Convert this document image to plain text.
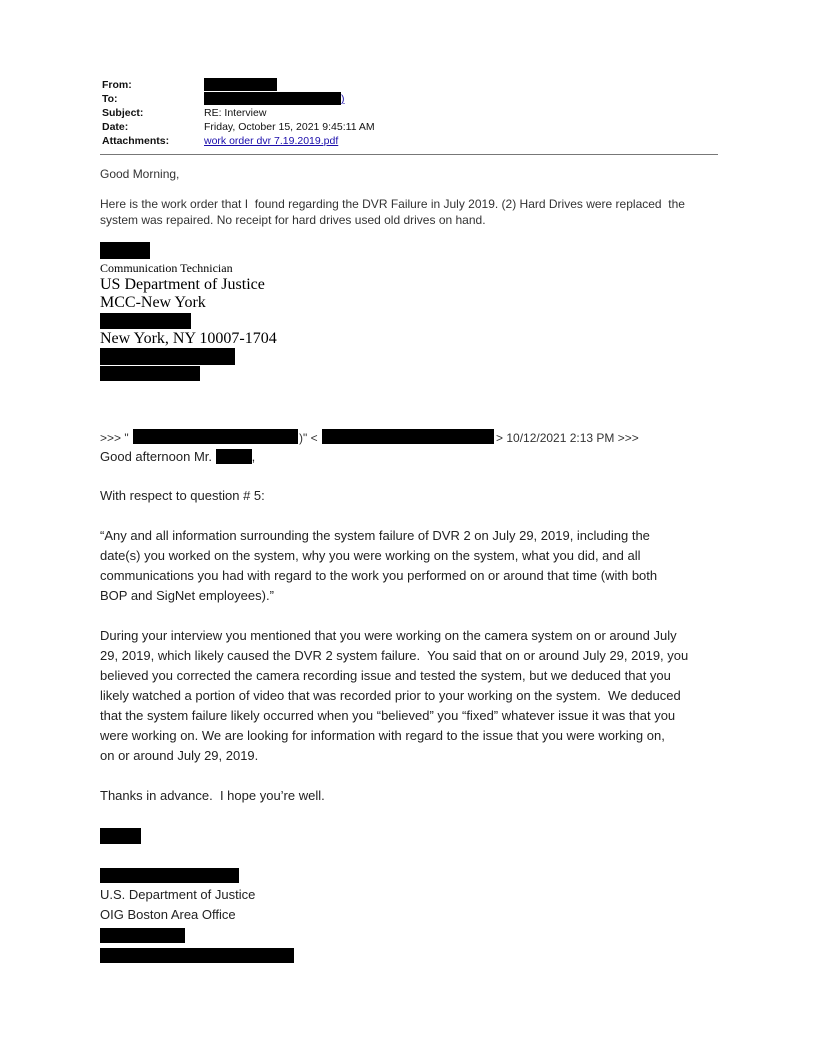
From:
To:	)
Subject:	RE: Interview
Date:	Friday, October 15, 2021 9:45:11 AM
Attachments:	work order dvr 7.19.2019.pdf
Good Morning,
Here is the work order that I  found regarding the DVR Failure in July 2019. (2) Hard Drives were replaced  the
system was repaired. No receipt for hard drives used old drives on hand.
Communication Technician
US Department of Justice
MCC-New York
New York, NY 10007-1704
>>> "	)" <	> 10/12/2021 2:13 PM >>>
Good afternoon Mr.	,
With respect to question # 5:
“Any and all information surrounding the system failure of DVR 2 on July 29, 2019, including the
date(s) you worked on the system, why you were working on the system, what you did, and all
communications you had with regard to the work you performed on or around that time (with both
BOP and SigNet employees).”
During your interview you mentioned that you were working on the camera system on or around July
29, 2019, which likely caused the DVR 2 system failure.  You said that on or around July 29, 2019, you
believed you corrected the camera recording issue and tested the system, but we deduced that you
likely watched a portion of video that was recorded prior to your working on the system.  We deduced
that the system failure likely occurred when you “believed” you “fixed” whatever issue it was that you
were working on. We are looking for information with regard to the issue that you were working on,
on or around July 29, 2019.
Thanks in advance.  I hope you’re well.
U.S. Department of Justice
OIG Boston Area Office
